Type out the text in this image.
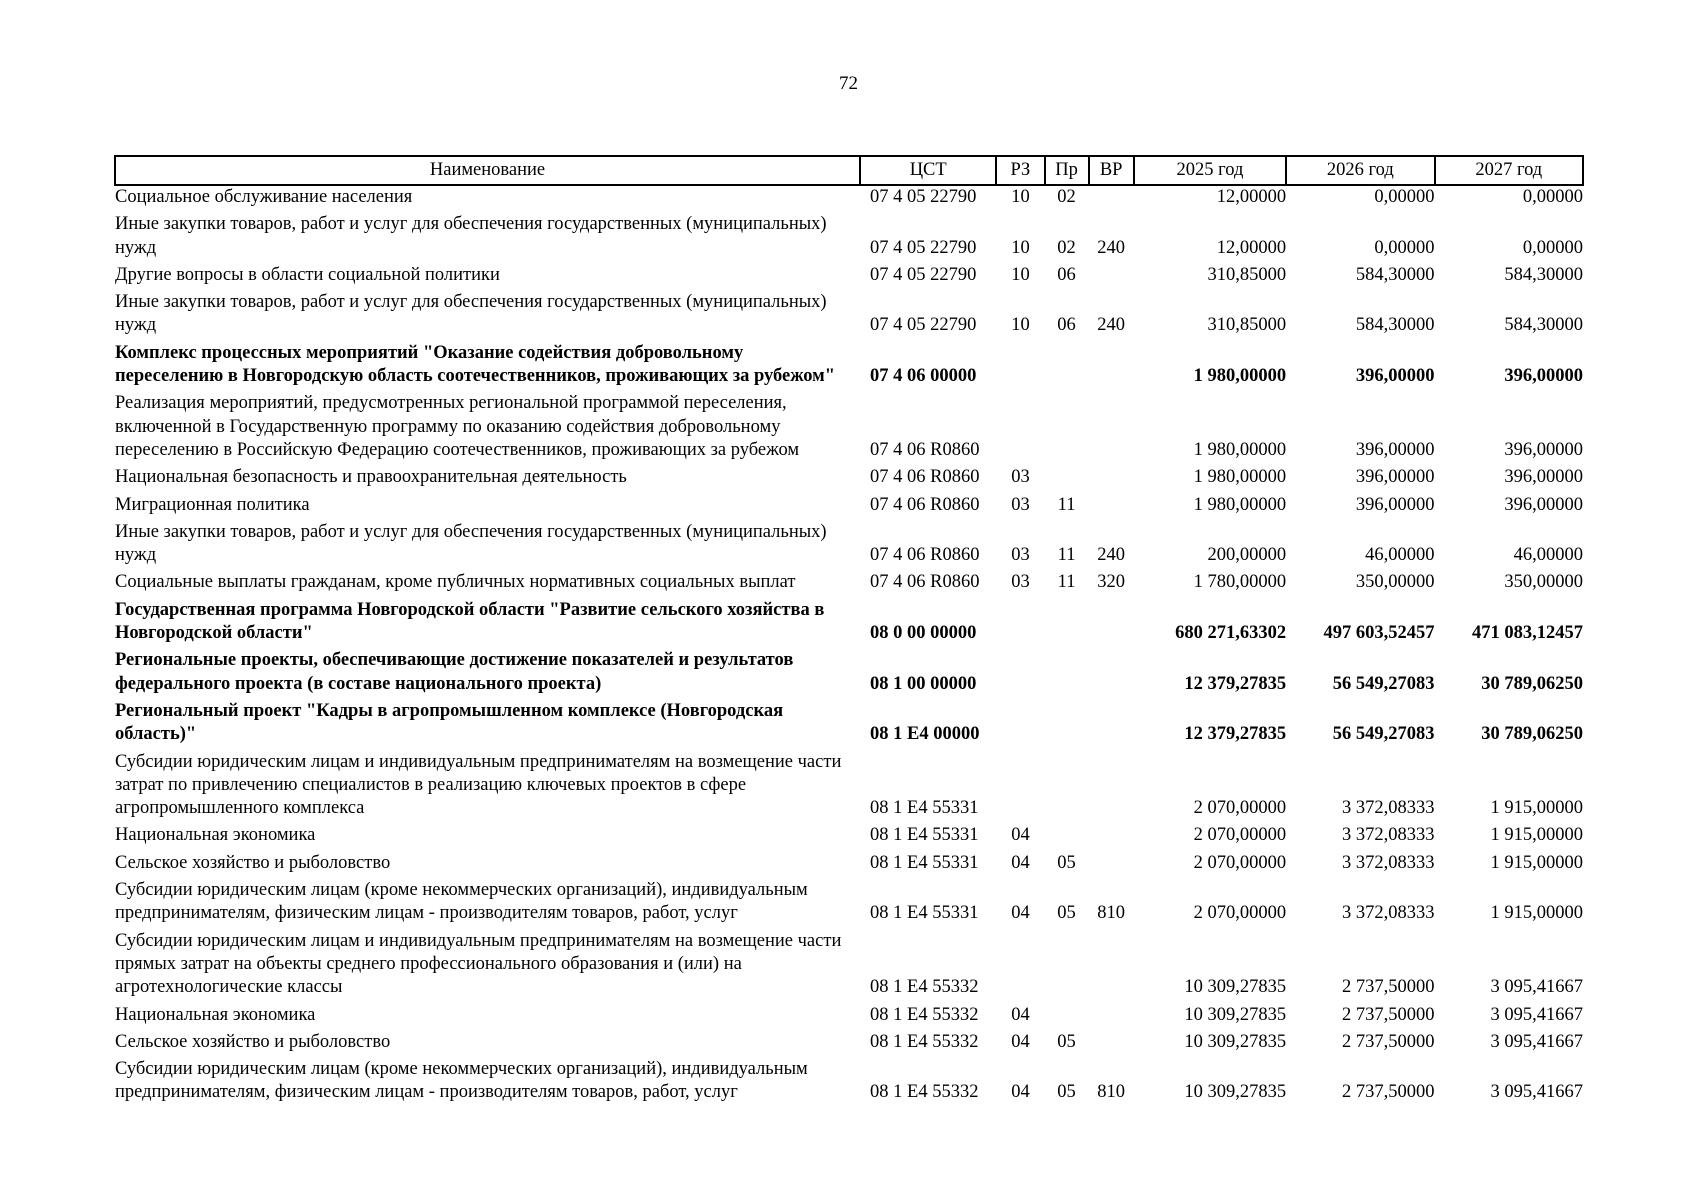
72
Наименование	ЦСТ	РЗ	Пр	ВР	2025 год	2026 год	2027 год
Социальное обслуживание населения	07 4 05 22790	10	02		12,00000	0,00000	0,00000
Иные закупки товаров, работ и услуг для обеспечения государственных (муниципальных) нужд	07 4 05 22790	10	02	240	12,00000	0,00000	0,00000
Другие вопросы в области социальной политики	07 4 05 22790	10	06		310,85000	584,30000	584,30000
Иные закупки товаров, работ и услуг для обеспечения государственных (муниципальных) нужд	07 4 05 22790	10	06	240	310,85000	584,30000	584,30000
Комплекс процессных мероприятий "Оказание содействия добровольному переселению в Новгородскую область соотечественников, проживающих за рубежом"	07 4 06 00000				1 980,00000	396,00000	396,00000
Реализация мероприятий, предусмотренных региональной программой переселения, включенной в Государственную программу по оказанию содействия добровольному переселению в Российскую Федерацию соотечественников, проживающих за рубежом	07 4 06 R0860				1 980,00000	396,00000	396,00000
Национальная безопасность и правоохранительная деятельность	07 4 06 R0860	03			1 980,00000	396,00000	396,00000
Миграционная политика	07 4 06 R0860	03	11		1 980,00000	396,00000	396,00000
Иные закупки товаров, работ и услуг для обеспечения государственных (муниципальных) нужд	07 4 06 R0860	03	11	240	200,00000	46,00000	46,00000
Социальные выплаты гражданам, кроме публичных нормативных социальных выплат	07 4 06 R0860	03	11	320	1 780,00000	350,00000	350,00000
Государственная программа Новгородской области "Развитие сельского хозяйства в Новгородской области"	08 0 00 00000				680 271,63302	497 603,52457	471 083,12457
Региональные проекты, обеспечивающие достижение показателей и результатов федерального проекта (в составе национального проекта)	08 1 00 00000				12 379,27835	56 549,27083	30 789,06250
Региональный проект "Кадры в агропромышленном комплексе (Новгородская область)"	08 1 E4 00000				12 379,27835	56 549,27083	30 789,06250
Субсидии юридическим лицам и индивидуальным предпринимателям на возмещение части затрат по привлечению специалистов в реализацию ключевых проектов в сфере агропромышленного комплекса	08 1 E4 55331				2 070,00000	3 372,08333	1 915,00000
Национальная экономика	08 1 E4 55331	04			2 070,00000	3 372,08333	1 915,00000
Сельское хозяйство и рыболовство	08 1 E4 55331	04	05		2 070,00000	3 372,08333	1 915,00000
Субсидии юридическим лицам (кроме некоммерческих организаций), индивидуальным предпринимателям, физическим лицам - производителям товаров, работ, услуг	08 1 E4 55331	04	05	810	2 070,00000	3 372,08333	1 915,00000
Субсидии юридическим лицам и индивидуальным предпринимателям на возмещение части прямых затрат на объекты среднего профессионального образования и (или) на агротехнологические классы	08 1 E4 55332				10 309,27835	2 737,50000	3 095,41667
Национальная экономика	08 1 E4 55332	04			10 309,27835	2 737,50000	3 095,41667
Сельское хозяйство и рыболовство	08 1 E4 55332	04	05		10 309,27835	2 737,50000	3 095,41667
Субсидии юридическим лицам (кроме некоммерческих организаций), индивидуальным предпринимателям, физическим лицам - производителям товаров, работ, услуг	08 1 E4 55332	04	05	810	10 309,27835	2 737,50000	3 095,41667
